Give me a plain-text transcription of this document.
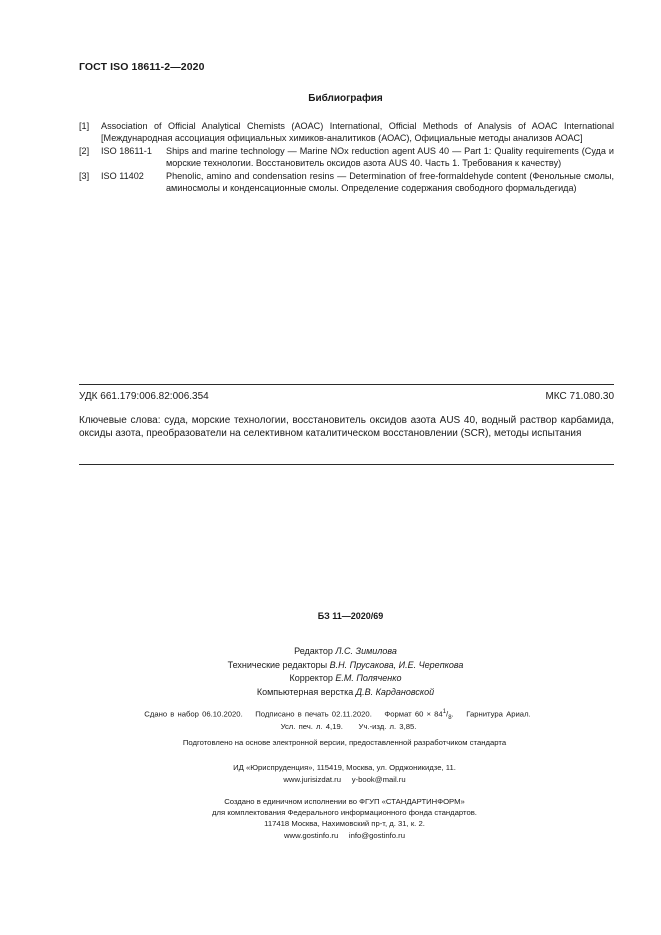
ГОСТ ISO 18611-2—2020
Библиография
[1] Association of Official Analytical Chemists (AOAC) International, Official Methods of Analysis of AOAC International [Международная ассоциация официальных химиков-аналитиков (АОАС), Официальные методы анализов АОАС]
[2] ISO 18611-1 Ships and marine technology — Marine NOx reduction agent AUS 40 — Part 1: Quality requirements (Суда и морские технологии. Восстановитель оксидов азота AUS 40. Часть 1. Требования к качеству)
[3] ISO 11402 Phenolic, amino and condensation resins — Determination of free-formaldehyde content (Фенольные смолы, аминосмолы и конденсационные смолы. Определение содержания свободного формальдегида)
УДК 661.179:006.82:006.354	МКС 71.080.30
Ключевые слова: суда, морские технологии, восстановитель оксидов азота AUS 40, водный раствор карбамида, оксиды азота, преобразователи на селективном каталитическом восстановлении (SCR), методы испытания
БЗ 11—2020/69
Редактор Л.С. Зимилова
Технические редакторы В.Н. Прусакова, И.Е. Черепкова
Корректор Е.М. Поляченко
Компьютерная верстка Д.В. Кардановской
Сдано в набор 06.10.2020. Подписано в печать 02.11.2020. Формат $60 \times 84^1/_8$.    Гарнитура Ариал.
Усл. печ. л. 4,19.     Уч.-изд. л. 3,85.
Подготовлено на основе электронной версии, предоставленной разработчиком стандарта
ИД «Юриспруденция», 115419, Москва, ул. Орджоникидзе, 11.
www.jurisizdat.ru     y-book@mail.ru
Создано в единичном исполнении во ФГУП «СТАНДАРТИНФОРМ»
для комплектования Федерального информационного фонда стандартов.
117418 Москва, Нахимовский пр-т, д. 31, к. 2.
www.gostinfo.ru     info@gostinfo.ru
